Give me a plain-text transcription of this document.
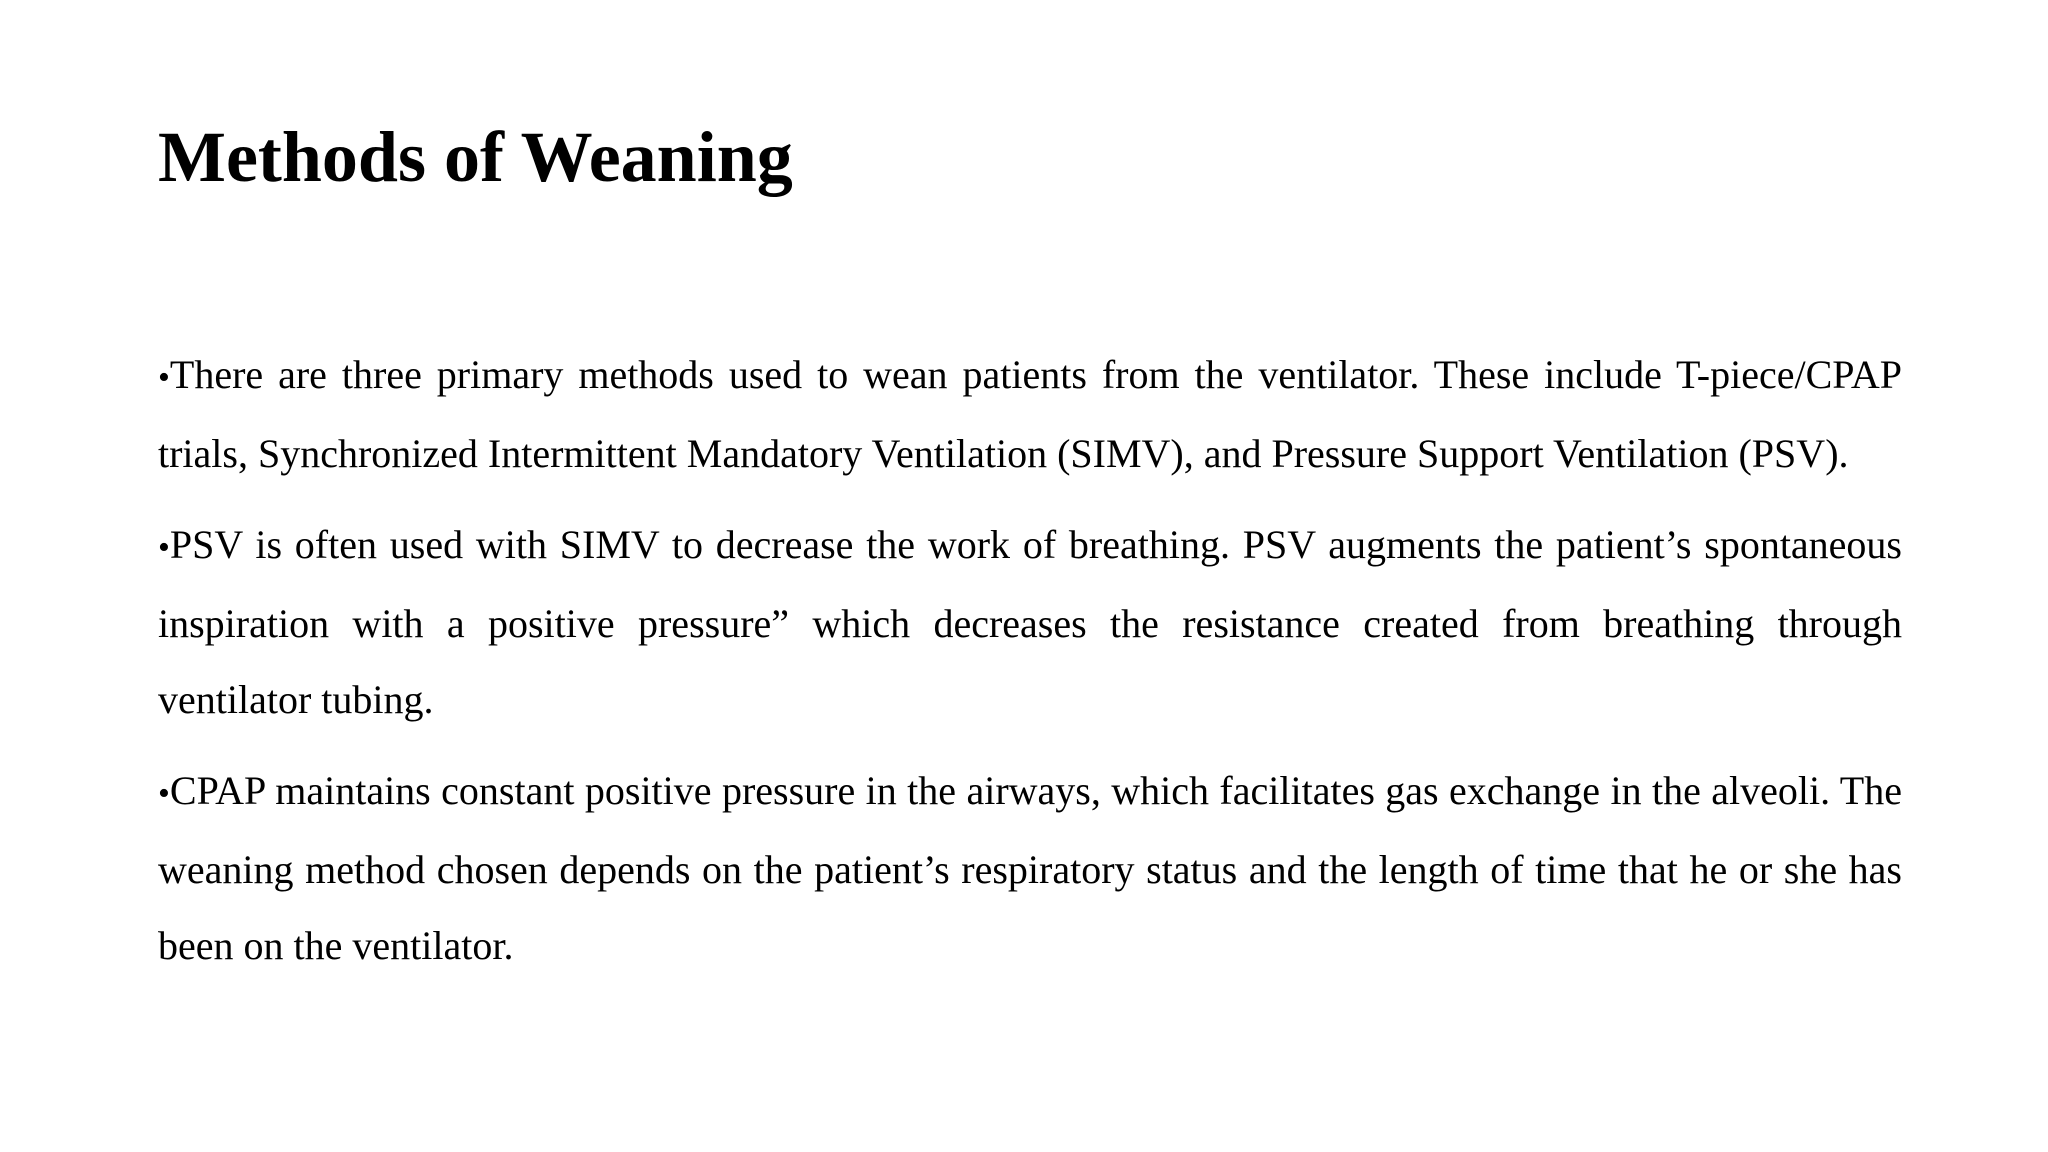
Methods of Weaning
•There are three primary methods used to wean patients from the ventilator. These include T-piece/CPAP trials, Synchronized Intermittent Mandatory Ventilation (SIMV), and Pressure Support Ventilation (PSV).
•PSV is often used with SIMV to decrease the work of breathing. PSV augments the patient’s spontaneous inspiration with a positive pressure” which decreases the resistance created from breathing through ventilator tubing.
•CPAP maintains constant positive pressure in the airways, which facilitates gas exchange in the alveoli. The weaning method chosen depends on the patient’s respiratory status and the length of time that he or she has been on the ventilator.
